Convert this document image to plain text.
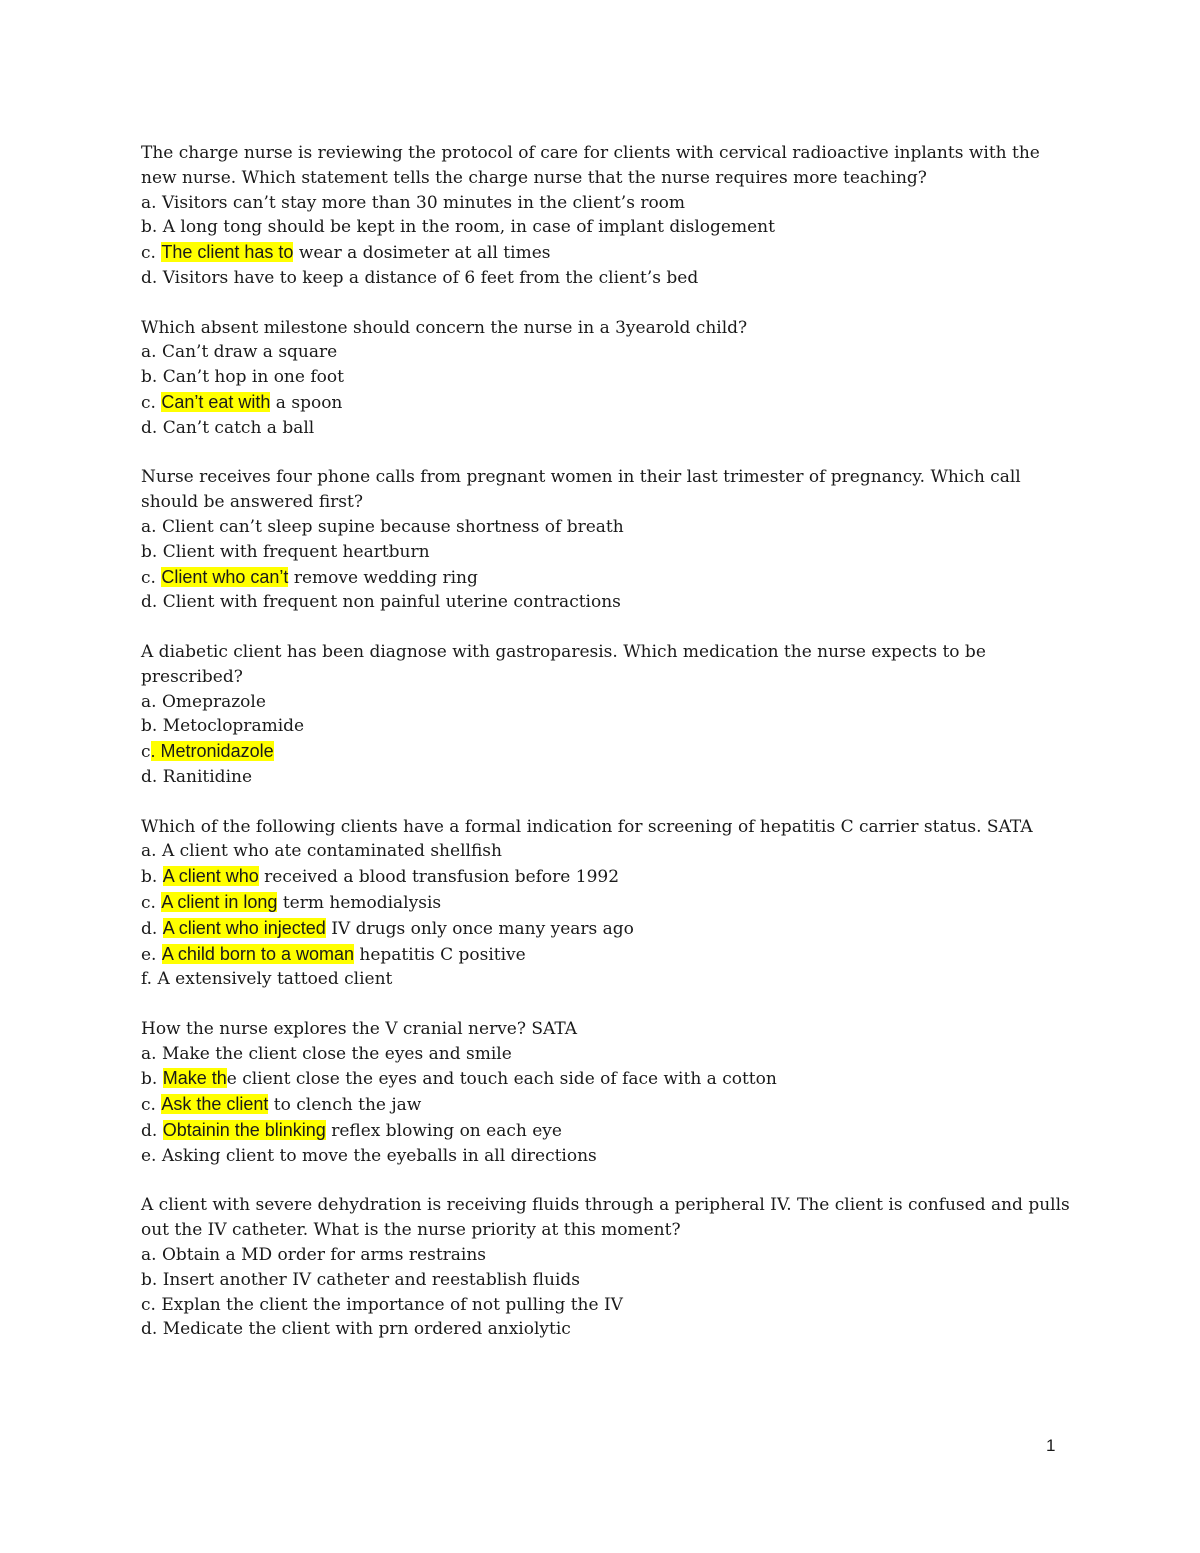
The charge nurse is reviewing the protocol of care for clients with cervical radioactive inplants with the new nurse. Which statement tells the charge nurse that the nurse requires more teaching?

a. Visitors can’t stay more than 30 minutes in the client’s room

b. A long tong should be kept in the room, in case of implant dislogement

c. The client has to wear a dosimeter at all times

d. Visitors have to keep a distance of 6 feet from the client’s bed

Which absent milestone should concern the nurse in a 3yearold child?

a. Can’t draw a square

b. Can’t hop in one foot

c. Can’t eat with a spoon

d. Can’t catch a ball

Nurse receives four phone calls from pregnant women in their last trimester of pregnancy. Which call should be answered first?

a. Client can’t sleep supine because shortness of breath

b. Client with frequent heartburn

c. Client who can’t remove wedding ring

d. Client with frequent non painful uterine contractions

A diabetic client has been diagnose with gastroparesis. Which medication the nurse expects to be prescribed?

a. Omeprazole

b. Metoclopramide

c. Metronidazole

d. Ranitidine

Which of the following clients have a formal indication for screening of hepatitis C carrier status. SATA

a. A client who ate contaminated shellfish

b. A client who received a blood transfusion before 1992

c. A client in long term hemodialysis

d. A client who injected IV drugs only once many years ago

e. A child born to a woman hepatitis C positive

f. A extensively tattoed client

How the nurse explores the V cranial nerve? SATA

a. Make the client close the eyes and smile

b. Make the client close the eyes and touch each side of face with a cotton

c. Ask the client to clench the jaw

d. Obtainin the blinking reflex blowing on each eye

e. Asking client to move the eyeballs in all directions

A client with severe dehydration is receiving fluids through a peripheral IV. The client is confused and pulls out the IV catheter. What is the nurse priority at this moment?

a. Obtain a MD order for arms restrains

b. Insert another IV catheter and reestablish fluids

c. Explan the client the importance of not pulling the IV

d. Medicate the client with prn ordered anxiolytic

1
